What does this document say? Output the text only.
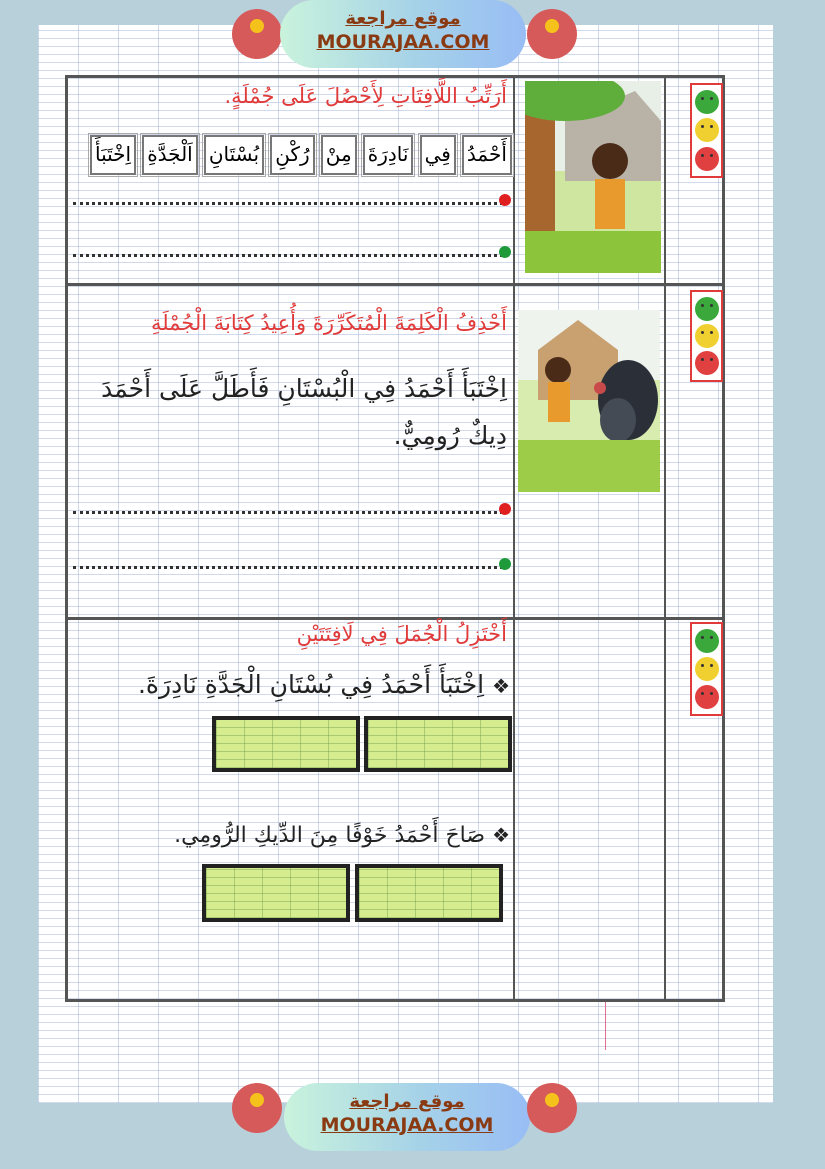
موقع مراجعة
MOURAJAA.COM
أَرَتِّبُ اللَّافِتَاتِ لِأَحْصُلَ عَلَى جُمْلَةٍ.
أَحْمَدُ
فِي
نَادِرَةَ
مِنْ
رُكْنِ
بُسْتَانِ
اَلْجَدَّةِ
اِخْتَبَأَ
أَحْذِفُ الْكَلِمَةَ الْمُتَكَرِّرَةَ وَأُعِيدُ كِتَابَةَ الْجُمْلَةِ
اِخْتَبَأَ أَحْمَدُ فِي الْبُسْتَانِ فَأَطَلَّ عَلَى أَحْمَدَ
دِيكٌ رُومِيٌّ.
أَخْتَزِلُ الْجُمَلَ فِي لَافِتَتَيْنِ
❖ اِخْتَبَأَ أَحْمَدُ فِي بُسْتَانِ الْجَدَّةِ نَادِرَةَ.
❖ صَاحَ أَحْمَدُ خَوْفًا مِنَ الدِّيكِ الرُّومِي.
موقع مراجعة
MOURAJAA.COM
